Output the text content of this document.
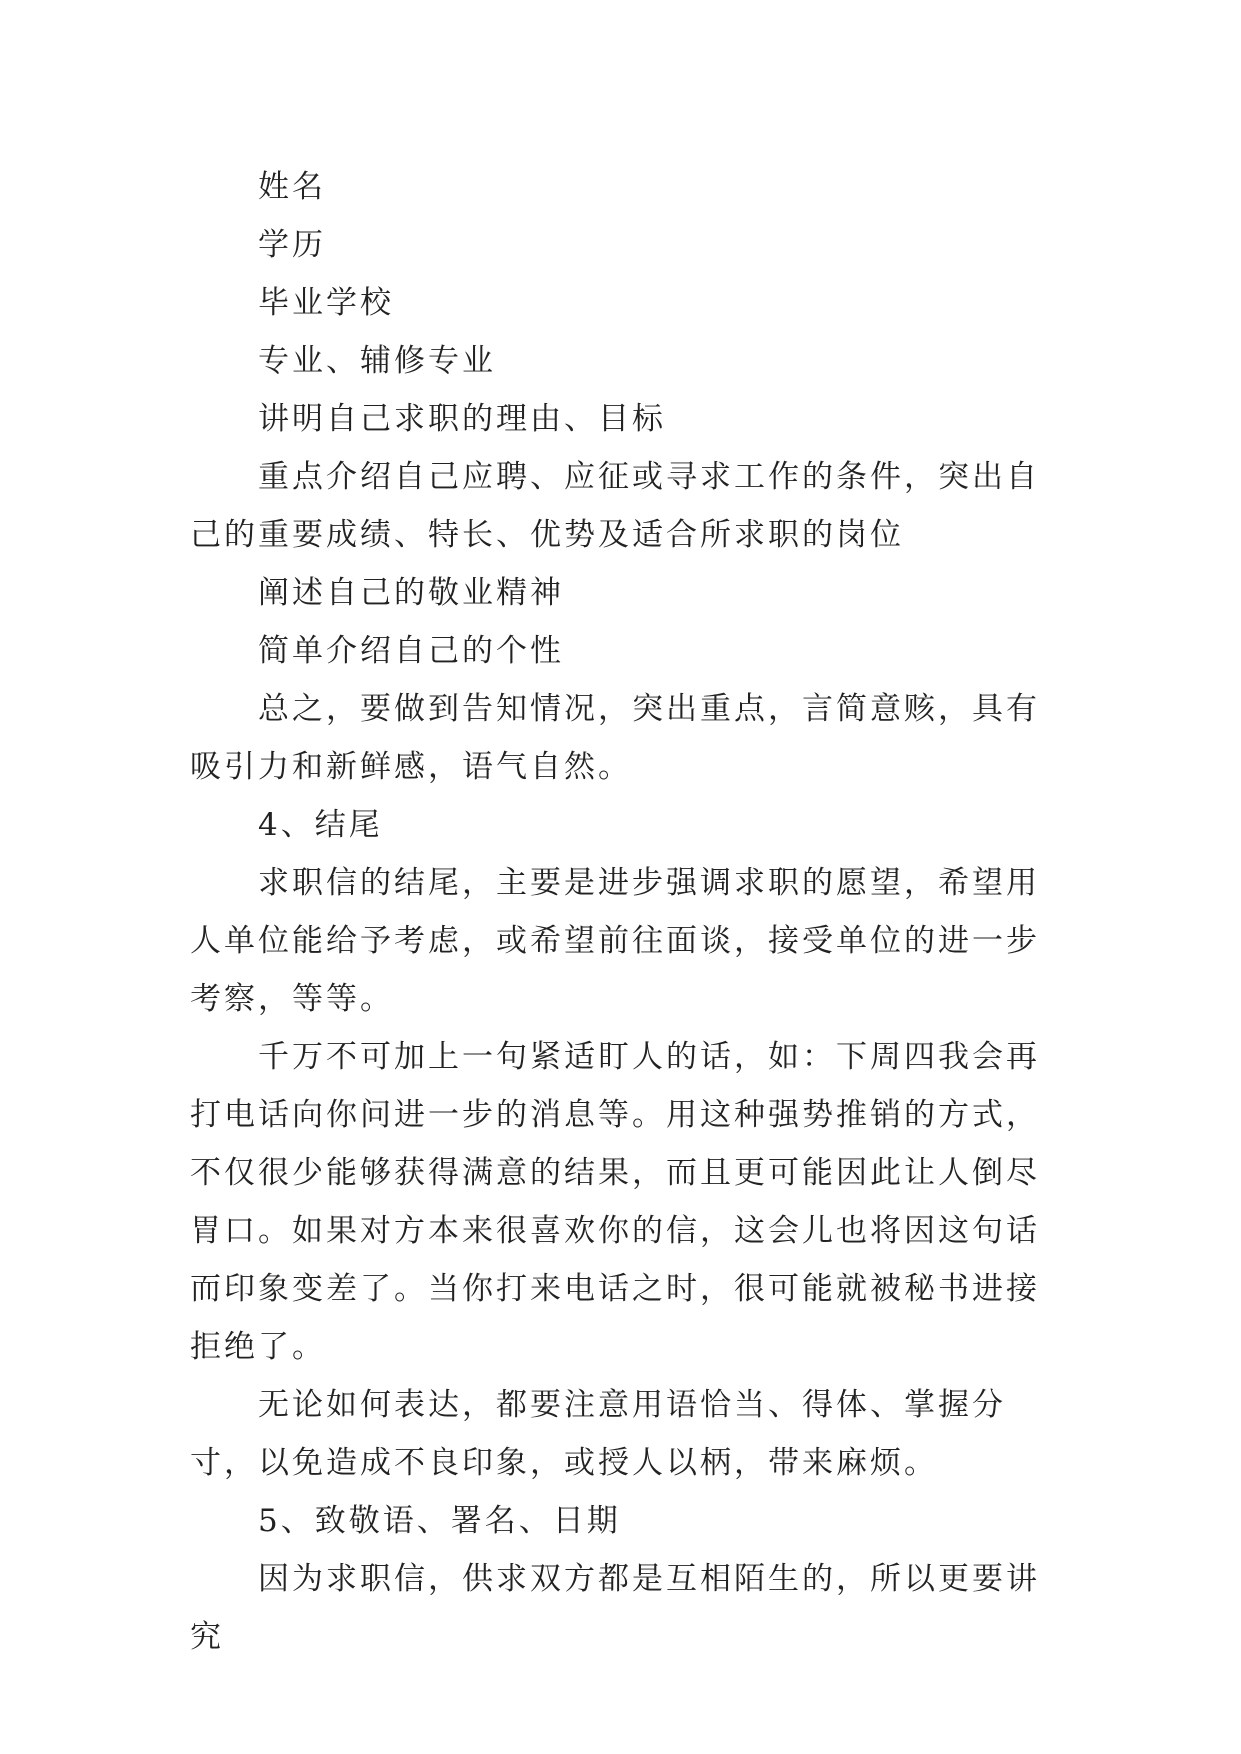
姓名

学历

毕业学校

专业、辅修专业

讲明自己求职的理由、目标

重点介绍自己应聘、应征或寻求工作的条件，突出自己的重要成绩、特长、优势及适合所求职的岗位

阐述自己的敬业精神

简单介绍自己的个性

总之，要做到告知情况，突出重点，言简意赅，具有吸引力和新鲜感，语气自然。

4、结尾

求职信的结尾，主要是进步强调求职的愿望，希望用人单位能给予考虑，或希望前往面谈，接受单位的进一步考察，等等。

千万不可加上一句紧适盯人的话，如：下周四我会再打电话向你问进一步的消息等。用这种强势推销的方式，不仅很少能够获得满意的结果，而且更可能因此让人倒尽胃口。如果对方本来很喜欢你的信，这会儿也将因这句话而印象变差了。当你打来电话之时，很可能就被秘书进接拒绝了。

无论如何表达，都要注意用语恰当、得体、掌握分寸，以免造成不良印象，或授人以柄，带来麻烦。

5、致敬语、署名、日期

因为求职信，供求双方都是互相陌生的，所以更要讲究
